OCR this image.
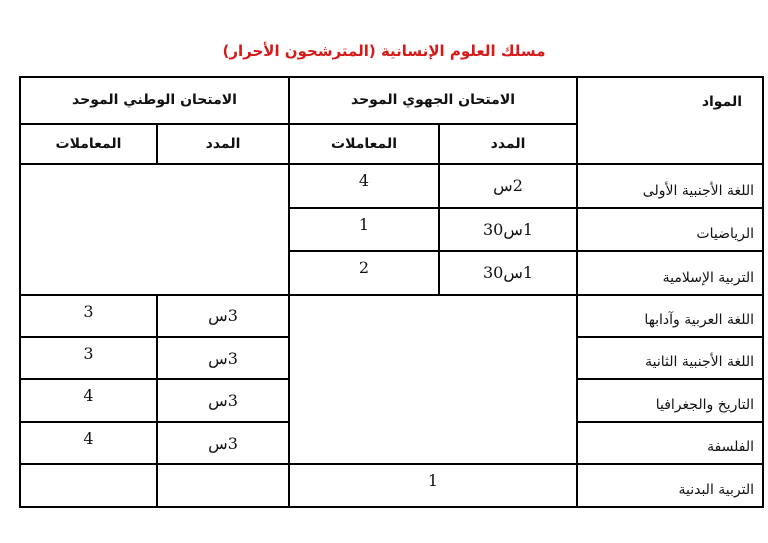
مسلك العلوم الإنسانية (المترشحون الأحرار)
المواد	الامتحان الجهوي الموحد		الامتحان الوطني الموحد	
	المدد	المعاملات	المدد	المعاملات
اللغة الأجنبية الأولى	2س	4		
الرياضيات	1س30	1		
التربية الإسلامية	1س30	2		
اللغة العربية وآدابها			3س	3
اللغة الأجنبية الثانية			3س	3
التاريخ والجغرافيا			3س	4
الفلسفة			3س	4
التربية البدنية	1			
